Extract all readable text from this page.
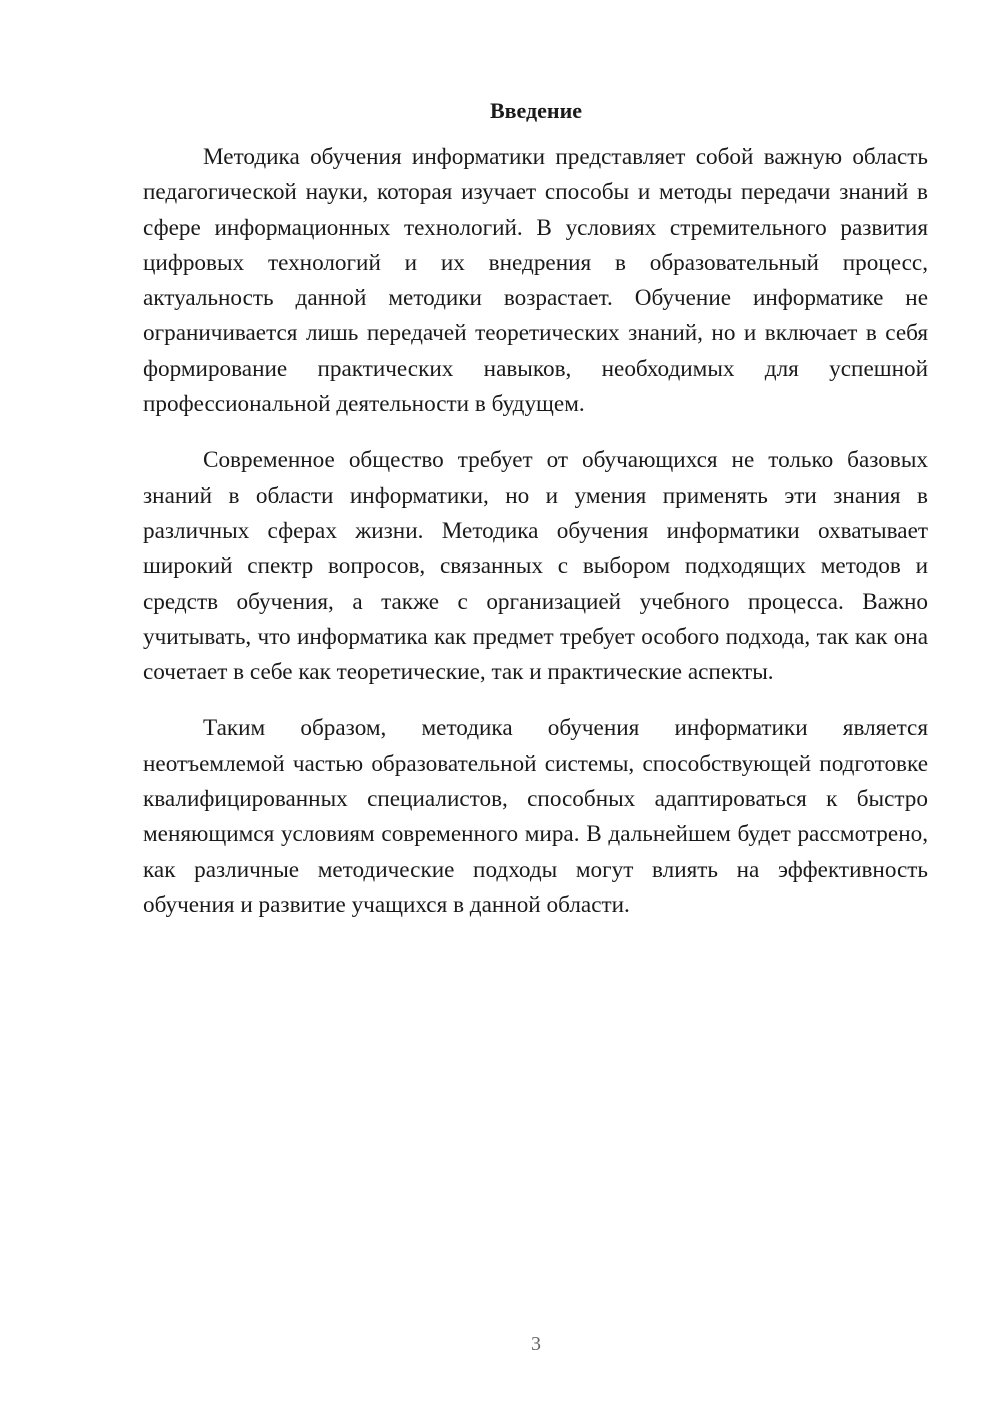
Введение

Методика обучения информатики представляет собой важную область педагогической науки, которая изучает способы и методы передачи знаний в сфере информационных технологий. В условиях стремительного развития цифровых технологий и их внедрения в образовательный процесс, актуальность данной методики возрастает. Обучение информатике не ограничивается лишь передачей теоретических знаний, но и включает в себя формирование практических навыков, необходимых для успешной профессиональной деятельности в будущем.

Современное общество требует от обучающихся не только базовых знаний в области информатики, но и умения применять эти знания в различных сферах жизни. Методика обучения информатики охватывает широкий спектр вопросов, связанных с выбором подходящих методов и средств обучения, а также с организацией учебного процесса. Важно учитывать, что информатика как предмет требует особого подхода, так как она сочетает в себе как теоретические, так и практические аспекты.

Таким образом, методика обучения информатики является неотъемлемой частью образовательной системы, способствующей подготовке квалифицированных специалистов, способных адаптироваться к быстро меняющимся условиям современного мира. В дальнейшем будет рассмотрено, как различные методические подходы могут влиять на эффективность обучения и развитие учащихся в данной области.

3
